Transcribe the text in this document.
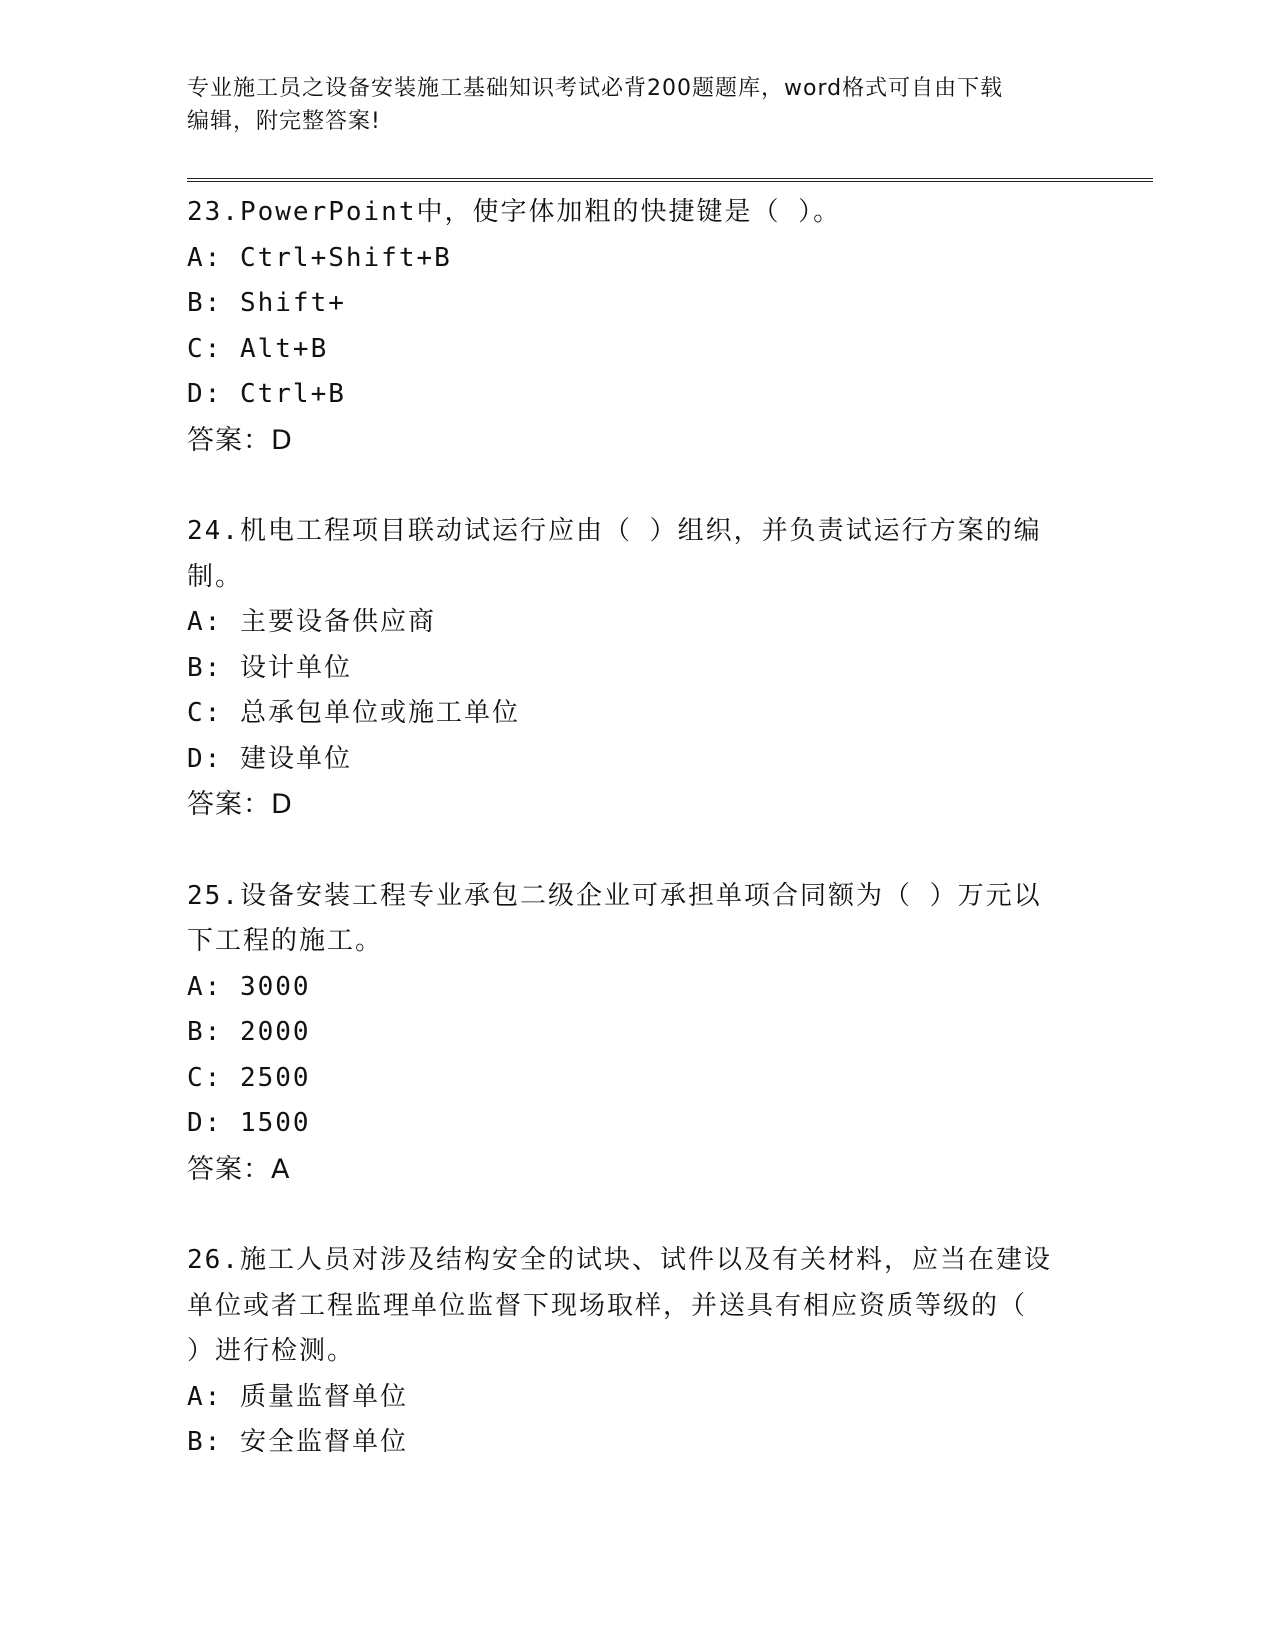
专业施工员之设备安装施工基础知识考试必背200题题库，word格式可自由下载
编辑，附完整答案!

23.PowerPoint中，使字体加粗的快捷键是（ ）。

A: Ctrl+Shift+B

B: Shift+

C: Alt+B

D: Ctrl+B

答案：D

24.机电工程项目联动试运行应由（ ）组织，并负责试运行方案的编

制。

A: 主要设备供应商

B: 设计单位

C: 总承包单位或施工单位

D: 建设单位

答案：D

25.设备安装工程专业承包二级企业可承担单项合同额为（ ）万元以

下工程的施工。

A: 3000

B: 2000

C: 2500

D: 1500

答案：A

26.施工人员对涉及结构安全的试块、试件以及有关材料，应当在建设

单位或者工程监理单位监督下现场取样，并送具有相应资质等级的（

）进行检测。

A: 质量监督单位

B: 安全监督单位
